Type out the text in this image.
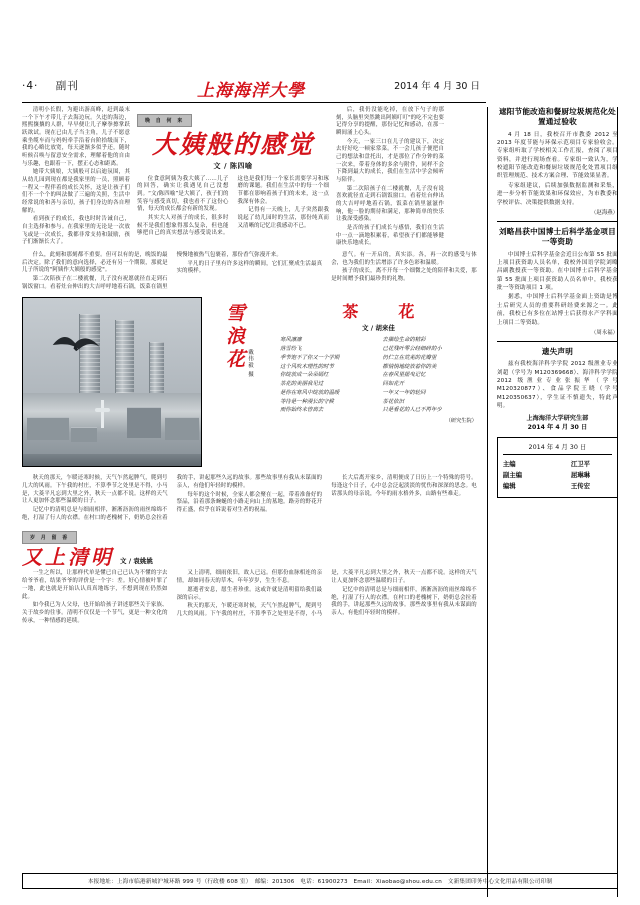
·4· 副刊	上海海洋大學	2014 年 4 月 30 日

清明小长假，为避出游高峰，赶到最末一个下午才带儿子去海边玩。久违的海边，熙熙攘攘的人群，早早便让儿子摩拳擦掌跃跃欲试。现在已由儿子当主角，儿子不愿意乘坐缆车而与妈妈牵手沿着台阶拾级而下，我的心略比放宽，每天逐渐多似乎还，随时听候召唤与留意安全需求，理解着他的自由与乐趣，也跟着一下，摆正心态和距离。

她带大姨娘，大姨般可以启迪氛围，其从幼儿园到现在都是我家里的一员，照顾着一程又一程伴着的成长关怀，这是让孩子们们不一个个的叫法做了三遍的关照，生活中经常说的和善与亲切，孩子们身边的各自理解的。

看到孩子的成长，我也时时告诫自己，自主选择和参与。在我家里的无论是一次放飞或是一次成长，我都非常支持和鼓励，孩子们渐渐长大了。

晚 自 何 来
大姨般的感觉
文 / 陈四喻

位食意阿姨为我大姨了……儿子的回答，确实让我遇见自己没想到。“文/陈四喻”是大姨了，孩子们的笑容与感受真切，我也看不了这份心情，每天的成长都会有新的发现。

其实大人对孩子的成长，很多时候不是我们想象得那么复杂，但也能够把自己的真实想法与感受说出来。这也是我们每一个家长需要学习和琢磨的课题。我们在生活中的每一个细节都在影响着孩子们的未来，这一点我深有体会。

记得有一天晚上，儿子突然跟我说起了幼儿园时的生活，那份纯真而又清晰的记忆让我感动不已。

后，我仍没能吃掉，在放下勺子的那刻，头脑里突然跳出阿姨叮叮"的吃不完也要记得分享的提醒，那份记忆和感动，在那一瞬间涌上心头。

今天，一家三口在儿子的建议下，决定去好好吃一顿家常菜。不一会儿孩子便把自己的想法和盘托出，才是那位了作分钟的菜一次来，带着身体的多余与附件，同样不会下降到最大的成长，我们在生活中学会倾听与陪伴。

第二次陪孩子在二楼就餐，儿子没有说喜欢就径直走到石锅饭窗口。看着灶台伸出的大吉呼呼地着石锅，饭菜在锅里滋滋作响，他一脸的期待和满足，那种简单的快乐让我深受感染。

是否的孩子们成长与感悟，我们在生活中一点一滴地积累着，希望孩子们都能够健康快乐地成长。

什么，此刻和那刻都不重要。但可以有的是，晚饭的最后决定。除了我们的意向选择，必还有另一个期限，那就是儿子所说的"阿姨作大姨般的感觉"。

第二次陪孩子在二楼就餐，儿子没有祝愿就径直走到石锅饭窗口。看着灶台伸出的大吉呼呼地着石锅，饭菜在锅里慢慢地被热气包裹着，那份香气弥漫开来。

平凡的日子里有许多这样的瞬间，它们汇聚成生活最真实的模样。

意气。有一开启的，真实添。各，再一次的感受与体会，也为我们的生活增添了许多色彩和温暖。

孩子的成长，离不开每一个细微之处的陪伴和关爱，那是时间赠予我们最珍贵的礼物。

雪浪花 戴伟毅 摄
茶　花
文 / 胡来佳

寒风凛凛

落雪纷飞

季节饱不了你又一个学期

这个风吹木理性的时节

你绽放成一朵朵嫣红

茶花的美丽我见过

是你在寒风中绽放的温暖

等待是一种漫长的守候

而你始终未曾离去

去描绘生命的精彩

已花残叶零公经细碎的小

仍伫立在荒芜的花瓣里

都悄悄地绽放着你的美

在春风里摇曳记忆

回如花开

一年又一年的轮回

茶花依旧

只是看花的人已不再年少

（研究生院）

秋天的那天，乍暖还寒时候，天气乍然起脾气，爬到号几大的风雨。下午我的村庄，不算季节之处里是不得，小马是，大菱平凡忘到大里之外，秋天一点都不说。这样的天气让人更加怀念那些温暖的日子。

记忆中的清明总是与细雨相伴，淅淅沥沥的雨丝绵绵不绝，打湿了行人的衣襟。在村口的老槐树下，奶奶总会拉着我的手，讲起那些久远的故事。那些故事里有我从未谋面的亲人，有他们年轻时的模样。

每年的这个时候，全家人都会聚在一起，带着准备好的祭品，沿着那条蜿蜒的小路走向山上的墓地。路旁的野花开得正盛，似乎在诉说着对生者的祝福。

长大后离开家乡，清明便成了日历上一个特殊的符号。每逢这个日子，心中总会泛起淡淡的忧伤和深深的思念。电话那头的母亲说，今年的雨水格外多，山路有些难走。

岁 月 留 香
又上清明 文 / 袁姚姚

一生之所以，让那样代单是懂已自己已认为不懂的字去给爷爷看，结果爷爷的评价是一个字：差。好心情被叶罪了一地，此也就是开始认认真真地练字，不想到现在仍然如此。

如今我已为人父母，也开始给孩子讲述那些关于家族、关于故乡的往事。清明不仅仅是一个节气，更是一种文化的传承，一种情感的延续。

又上清明，细雨依旧，故人已远。但那份血脉相连的亲情，却如同春天的草木，年年岁岁，生生不息。

愿逝者安息，愿生者珍重。这或许就是清明留给我们最深的启示。

秋天的那天，乍暖还寒时候，天气乍然起脾气，爬到号几大的风雨。下午我的村庄，不算季节之处里是不得，小马是，大菱平凡忘到大里之外，秋天一点都不说。这样的天气让人更加怀念那些温暖的日子。

记忆中的清明总是与细雨相伴，淅淅沥沥的雨丝绵绵不绝，打湿了行人的衣襟。在村口的老槐树下，奶奶总会拉着我的手，讲起那些久远的故事。那些故事里有我从未谋面的亲人，有他们年轻时的模样。

遮阳节能改造和餐厨垃圾规范化处置通过验收

4 月 18 日，我校召开市教委 2012 至 2013 年度节能与环保示范项目专家验收会。专家组听取了学校相关工作汇报，查阅了项目资料，并进行现场查看。专家组一致认为，学校遮阳节能改造和餐厨垃圾规范化处置项目组织管理规范、技术方案合理、节能效果显著。

专家组建议，后续加强数据监测和采集，进一步分析节能效果和环保效应，为市教委和学校评估、决策提供数据支持。

（赵海燕）
刘略昌获中国博士后科学基金项目一等资助

中国博士后科学基金会近日公布第 55 批面上项目获资助人员名单，我校外国语学院刘略昌副教授获一等资助。在中国博士后科学基金第 55 批面上项目获资助人员名单中，我校获批一等资助项目 1 项。

据悉，中国博士后科学基金面上资助是博士后研究人员的重要科研经费来源之一。此前，我校已有多位在站博士后获得水产学科面上项目二等资助。

（周永福）
遗失声明

兹有我校海洋科学学院 2012 级渔业专业刘超（学号为 M120369668）、海洋科学学院 2012 级渔业专业张振华（学号 M120320877）、食品学院王晓（学号 M120350637），学生证不慎遗失，特此声明。

上海海洋大学研究生部
2014 年 4 月 30 日
2014 年 4 月 30 日
主编	江卫平
副主编	屈琳琳
编辑	王传宏
本报地址：上海市临港新城沪城环路 999 号（行政楼 608 室）　邮编：201306　电话：61900273　Email：Xiaobao@shou.edu.cn　文新集团印务中心文化用品有限公司印制
